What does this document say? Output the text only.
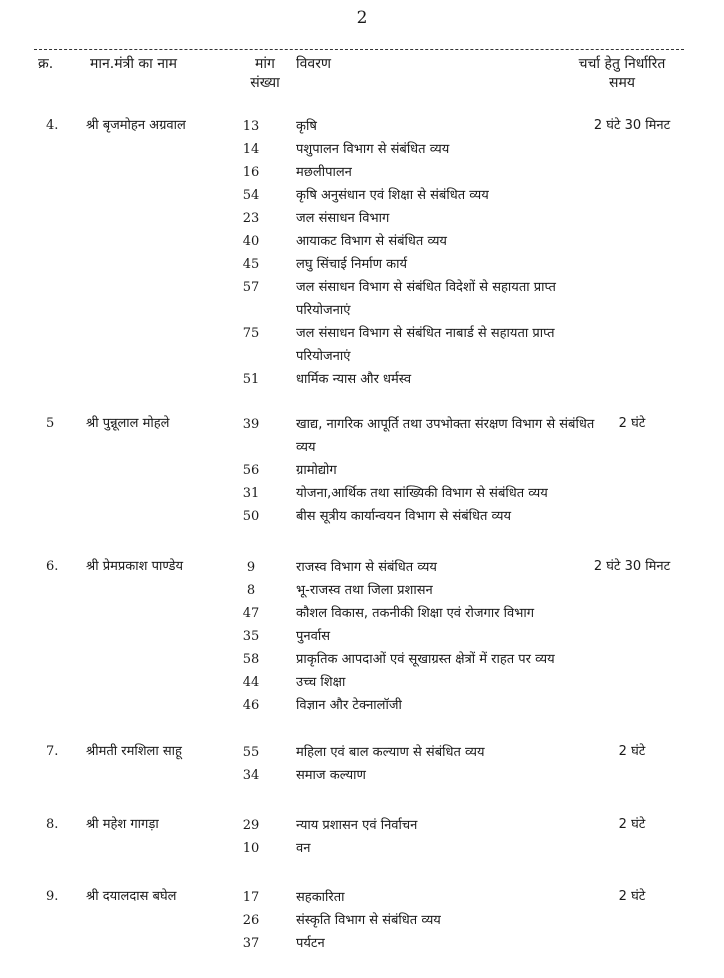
2
क्र.	मान.मंत्री का नाम	मांग
संख्या
विवरण	चर्चा हेतु निर्धारित
समय
4. श्री बृजमोहन अग्रवाल	2 घंटे 30 मिनट
13	कृषि
14	पशुपालन विभाग से संबंधित व्यय
16	मछलीपालन
54	कृषि अनुसंधान एवं शिक्षा से संबंधित व्यय
23	जल संसाधन विभाग
40	आयाकट विभाग से संबंधित व्यय
45	लघु सिंचाई निर्माण कार्य
57	जल संसाधन विभाग से संबंधित विदेशों से सहायता प्राप्त परियोजनाएं
75	जल संसाधन विभाग से संबंधित नाबार्ड से सहायता प्राप्त परियोजनाएं
51	धार्मिक न्यास और धर्मस्व
5 श्री पुन्नूलाल मोहले	2 घंटे
39	खाद्य, नागरिक आपूर्ति तथा उपभोक्ता संरक्षण विभाग से संबंधित व्यय
56	ग्रामोद्योग
31	योजना,आर्थिक तथा सांख्यिकी विभाग से संबंधित व्यय
50	बीस सूत्रीय कार्यान्वयन विभाग से संबंधित व्यय
6. श्री प्रेमप्रकाश पाण्डेय	2 घंटे 30 मिनट
9	राजस्व विभाग से संबंधित व्यय
8	भू-राजस्व तथा जिला प्रशासन
47	कौशल विकास, तकनीकी शिक्षा एवं रोजगार विभाग
35	पुनर्वास
58	प्राकृतिक आपदाओं एवं सूखाग्रस्त क्षेत्रों में राहत पर व्यय
44	उच्च शिक्षा
46	विज्ञान और टेक्नालॉजी
7. श्रीमती रमशिला साहू	2 घंटे
55	महिला एवं बाल कल्याण से संबंधित व्यय
34	समाज कल्याण
8. श्री महेश गागड़ा	2 घंटे
29	न्याय प्रशासन एवं निर्वाचन
10	वन
9. श्री दयालदास बघेल	2 घंटे
17	सहकारिता
26	संस्कृति विभाग से संबंधित व्यय
37	पर्यटन
